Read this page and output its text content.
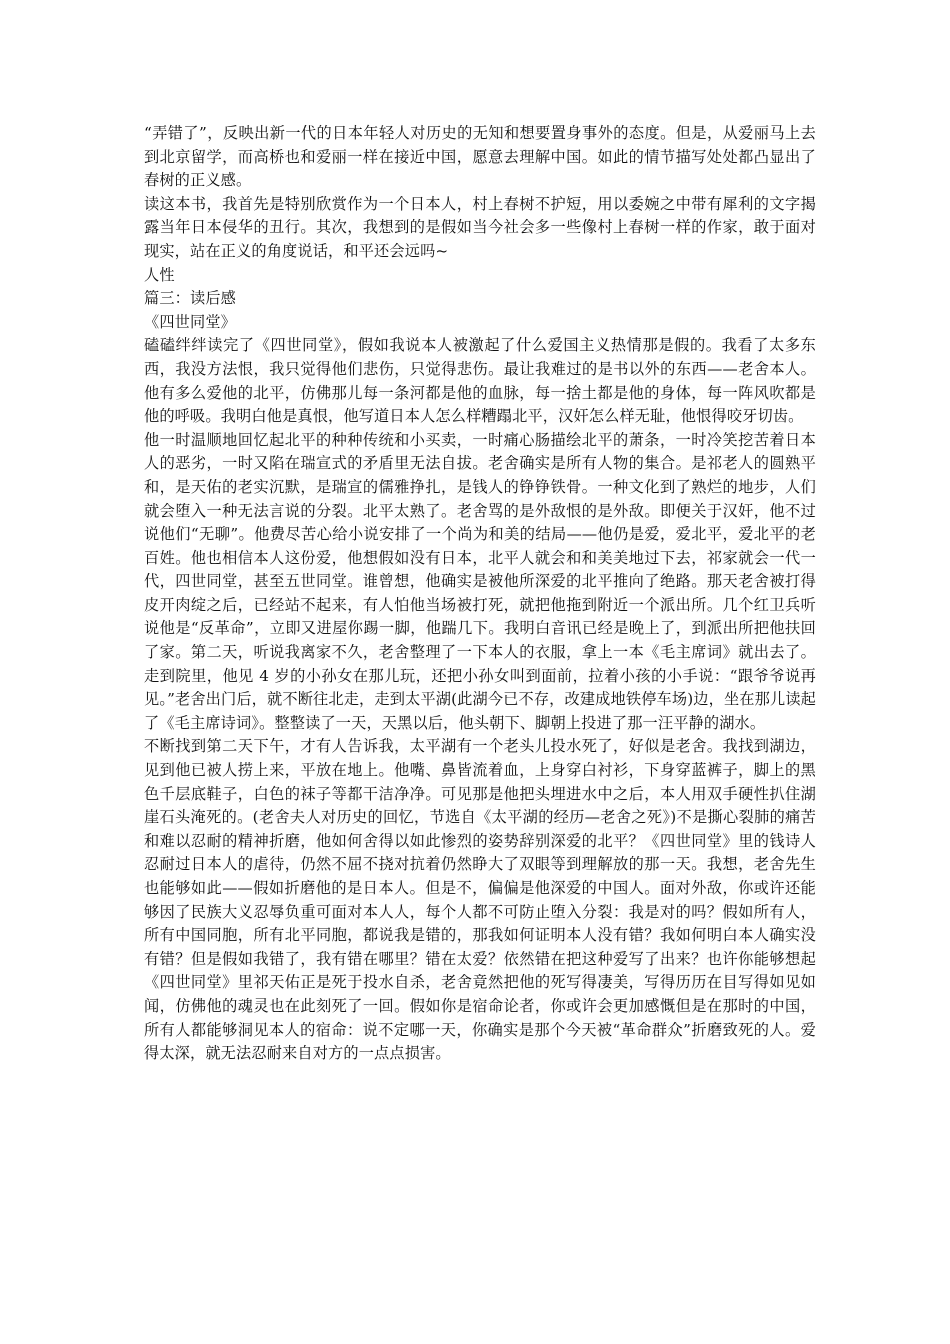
“弄错了”，反映出新一代的日本年轻人对历史的无知和想要置身事外的态度。但是，从爱丽马上去到北京留学，而高桥也和爱丽一样在接近中国，愿意去理解中国。如此的情节描写处处都凸显出了春树的正义感。

读这本书，我首先是特别欣赏作为一个日本人，村上春树不护短，用以委婉之中带有犀利的文字揭露当年日本侵华的丑行。其次，我想到的是假如当今社会多一些像村上春树一样的作家，敢于面对现实，站在正义的角度说话，和平还会远吗~

人性

篇三：读后感

《四世同堂》

磕磕绊绊读完了《四世同堂》，假如我说本人被激起了什么爱国主义热情那是假的。我看了太多东西，我没方法恨，我只觉得他们悲伤，只觉得悲伤。最让我难过的是书以外的东西——老舍本人。他有多么爱他的北平，仿佛那儿每一条河都是他的血脉，每一捨土都是他的身体，每一阵风吹都是他的呼吸。我明白他是真恨，他写道日本人怎么样糟蹋北平，汉奸怎么样无耻，他恨得咬牙切齿。

他一时温顺地回忆起北平的种种传统和小买卖，一时痛心肠描绘北平的萧条，一时冷笑挖苦着日本人的恶劣，一时又陷在瑞宣式的矛盾里无法自拔。老舍确实是所有人物的集合。是祁老人的圆熟平和，是天佑的老实沉默，是瑞宣的儒雅挣扎，是钱人的铮铮铁骨。一种文化到了熟烂的地步，人们就会堕入一种无法言说的分裂。北平太熟了。老舍骂的是外敌恨的是外敌。即便关于汉奸，他不过说他们“无聊”。他费尽苦心给小说安排了一个尚为和美的结局——他仍是爱，爱北平，爱北平的老百姓。他也相信本人这份爱，他想假如没有日本，北平人就会和和美美地过下去，祁家就会一代一代，四世同堂，甚至五世同堂。谁曾想，他确实是被他所深爱的北平推向了绝路。那天老舍被打得皮开肉绽之后，已经站不起来，有人怕他当场被打死，就把他拖到附近一个派出所。几个红卫兵听说他是“反革命”，立即又进屋你踢一脚，他踹几下。我明白音讯已经是晚上了，到派出所把他扶回了家。第二天，听说我离家不久，老舍整理了一下本人的衣服，拿上一本《毛主席词》就出去了。走到院里，他见 4 岁的小孙女在那儿玩，还把小孙女叫到面前，拉着小孩的小手说：“跟爷爷说再见。”老舍出门后，就不断往北走，走到太平湖(此湖今已不存，改建成地铁停车场)边，坐在那儿读起了《毛主席诗词》。整整读了一天，天黑以后，他头朝下、脚朝上投进了那一汪平静的湖水。

不断找到第二天下午，才有人告诉我，太平湖有一个老头儿投水死了，好似是老舍。我找到湖边，见到他已被人捞上来，平放在地上。他嘴、鼻皆流着血，上身穿白衬衫，下身穿蓝裤子，脚上的黑色千层底鞋子，白色的袜子等都干洁净净。可见那是他把头埋进水中之后，本人用双手硬性扒住湖崖石头淹死的。(老舍夫人对历史的回忆，节选自《太平湖的经历—老舍之死》)不是撕心裂肺的痛苦和难以忍耐的精神折磨，他如何舍得以如此惨烈的姿势辞别深爱的北平？《四世同堂》里的钱诗人忍耐过日本人的虐待，仍然不屈不挠对抗着仍然睁大了双眼等到理解放的那一天。我想，老舍先生也能够如此——假如折磨他的是日本人。但是不，偏偏是他深爱的中国人。面对外敌，你或许还能够因了民族大义忍辱负重可面对本人人，每个人都不可防止堕入分裂：我是对的吗？假如所有人，所有中国同胞，所有北平同胞，都说我是错的，那我如何证明本人没有错？我如何明白本人确实没有错？但是假如我错了，我有错在哪里？错在太爱？依然错在把这种爱写了出来？也许你能够想起《四世同堂》里祁天佑正是死于投水自杀，老舍竟然把他的死写得凄美，写得历历在目写得如见如闻，仿佛他的魂灵也在此刻死了一回。假如你是宿命论者，你或许会更加感慨但是在那时的中国，所有人都能够洞见本人的宿命：说不定哪一天，你确实是那个今天被“革命群众”折磨致死的人。爱得太深，就无法忍耐来自对方的一点点损害。
